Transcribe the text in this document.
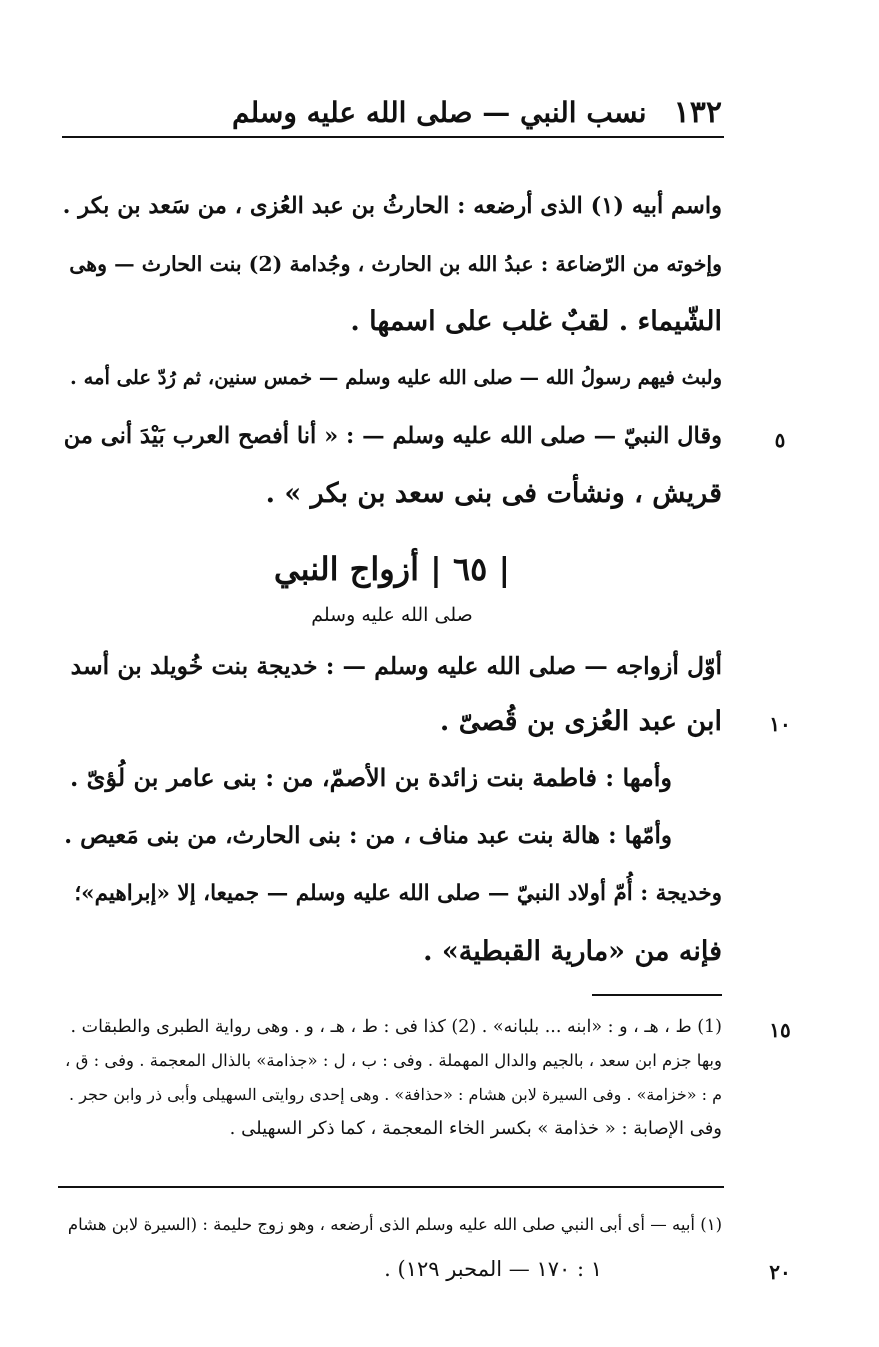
١٣٢
نسب النبي — صلى الله عليه وسلم
واسم أبيه (١) الذى أرضعه : الحارثُ بن عبد العُزى ، من سَعد بن بكر .
وإخوته من الرّضاعة : عبدُ الله بن الحارث ، وجُدامة (2) بنت الحارث — وهى
الشّيماء . لقبٌ غلب على اسمها .
ولبث فيهم رسولُ الله — صلى الله عليه وسلم — خمس سنين، ثم رُدّ على أمه .
وقال النبيّ — صلى الله عليه وسلم — : « أنا أفصح العرب بَيْدَ أنى من
قريش ، ونشأت فى بنى سعد بن بكر » .
٥
| ٦٥ | أزواج النبي
صلى الله عليه وسلم
أوّل أزواجه — صلى الله عليه وسلم — : خديجة بنت خُويلد بن أسد
ابن عبد العُزى بن قُصىّ .
وأمها : فاطمة بنت زائدة بن الأصمّ، من : بنى عامر بن لُؤىّ .
وأمّها : هالة بنت عبد مناف ، من : بنى الحارث، من بنى مَعيص .
وخديجة : أُمّ أولاد النبيّ — صلى الله عليه وسلم — جميعا، إلا «إبراهيم»؛
فإنه من «مارية القبطية» .
١٠
(1) ط ، هـ ، و : «ابنه ... بلبانه» . (2) كذا فى : ط ، هـ ، و . وهى رواية الطبرى والطبقات .
وبها جزم ابن سعد ، بالجيم والدال المهملة . وفى : ب ، ل : «جذامة» بالذال المعجمة . وفى : ق ،
م : «خزامة» . وفى السيرة لابن هشام : «حذافة» . وهى إحدى روايتى السهيلى وأبى ذر وابن حجر .
وفى الإصابة : « خذامة » بكسر الخاء المعجمة ، كما ذكر السهيلى .
١٥
(١) أبيه — أى أبى النبي صلى الله عليه وسلم الذى أرضعه ، وهو زوج حليمة : (السيرة لابن هشام
١ : ١٧٠ — المحبر ١٢٩) .	٢٠
